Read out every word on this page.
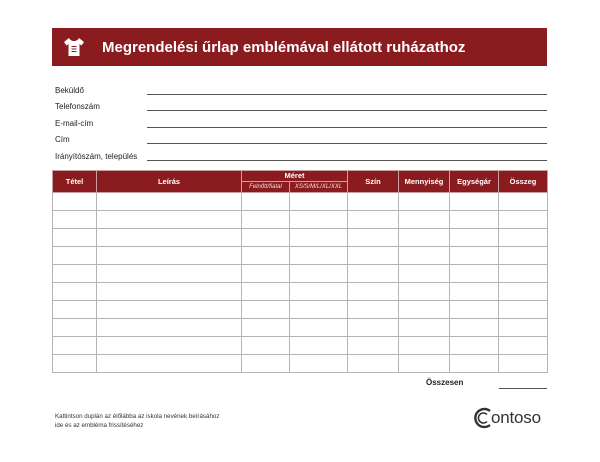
Megrendelési űrlap emblémával ellátott ruházathoz
Beküldő
Telefonszám
E-mail-cím
Cím
Irányítószám, település
Tétel	Leírás	Méret		Szín	Mennyiség	Egységár	Összeg
		Felnőtt/fiatal	XS/S/M/L/XL/XXL				

Összesen
Kattintson duplán az élőlábba az iskola nevének beírásához
ide és az embléma frissítéséhez	ontoso
